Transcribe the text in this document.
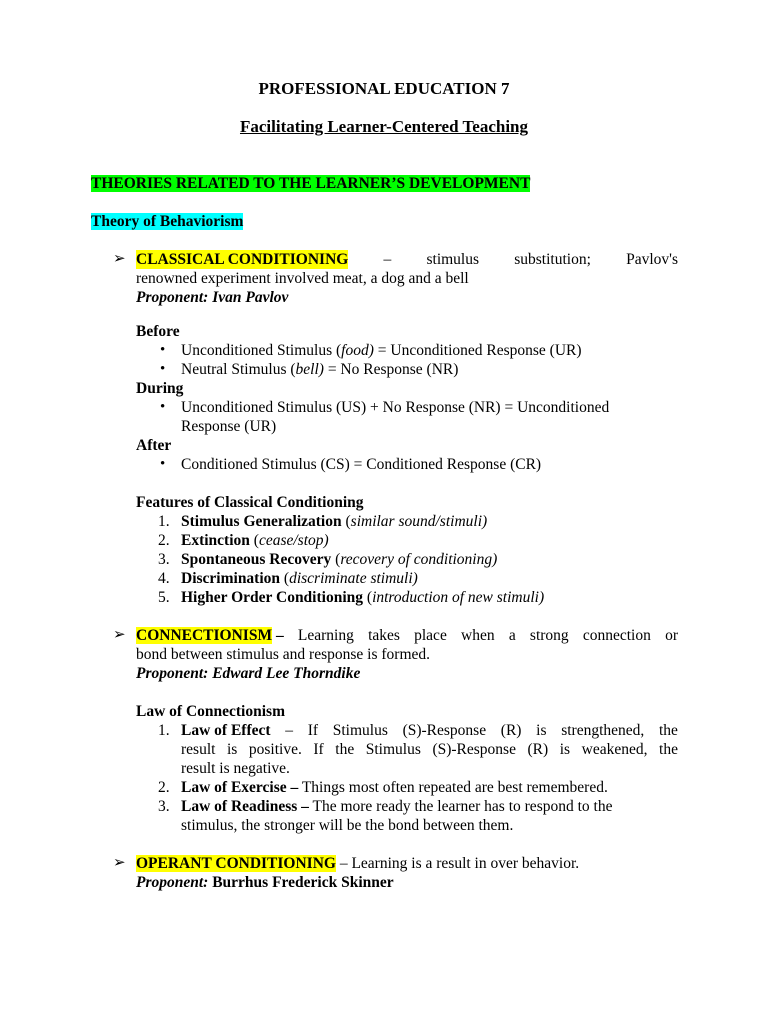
PROFESSIONAL EDUCATION 7
Facilitating Learner-Centered Teaching
THEORIES RELATED TO THE LEARNER’S DEVELOPMENT
Theory of Behaviorism
➢ CLASSICAL CONDITIONING – stimulus substitution; Pavlov's
renowned experiment involved meat, a dog and a bell
Proponent: Ivan Pavlov
Before
• Unconditioned Stimulus (food) = Unconditioned Response (UR)
• Neutral Stimulus (bell) = No Response (NR)
During
• Unconditioned Stimulus (US) + No Response (NR) = Unconditioned
Response (UR)
After
• Conditioned Stimulus (CS) = Conditioned Response (CR)
Features of Classical Conditioning
1. Stimulus Generalization (similar sound/stimuli)
2. Extinction (cease/stop)
3. Spontaneous Recovery (recovery of conditioning)
4. Discrimination (discriminate stimuli)
5. Higher Order Conditioning (introduction of new stimuli)
➢ CONNECTIONISM – Learning takes place when a strong connection or
bond between stimulus and response is formed.
Proponent: Edward Lee Thorndike
Law of Connectionism
1. Law of Effect – If Stimulus (S)-Response (R) is strengthened, the
result is positive. If the Stimulus (S)-Response (R) is weakened, the
result is negative.
2. Law of Exercise – Things most often repeated are best remembered.
3. Law of Readiness – The more ready the learner has to respond to the
stimulus, the stronger will be the bond between them.
➢ OPERANT CONDITIONING – Learning is a result in over behavior.
Proponent: Burrhus Frederick Skinner
